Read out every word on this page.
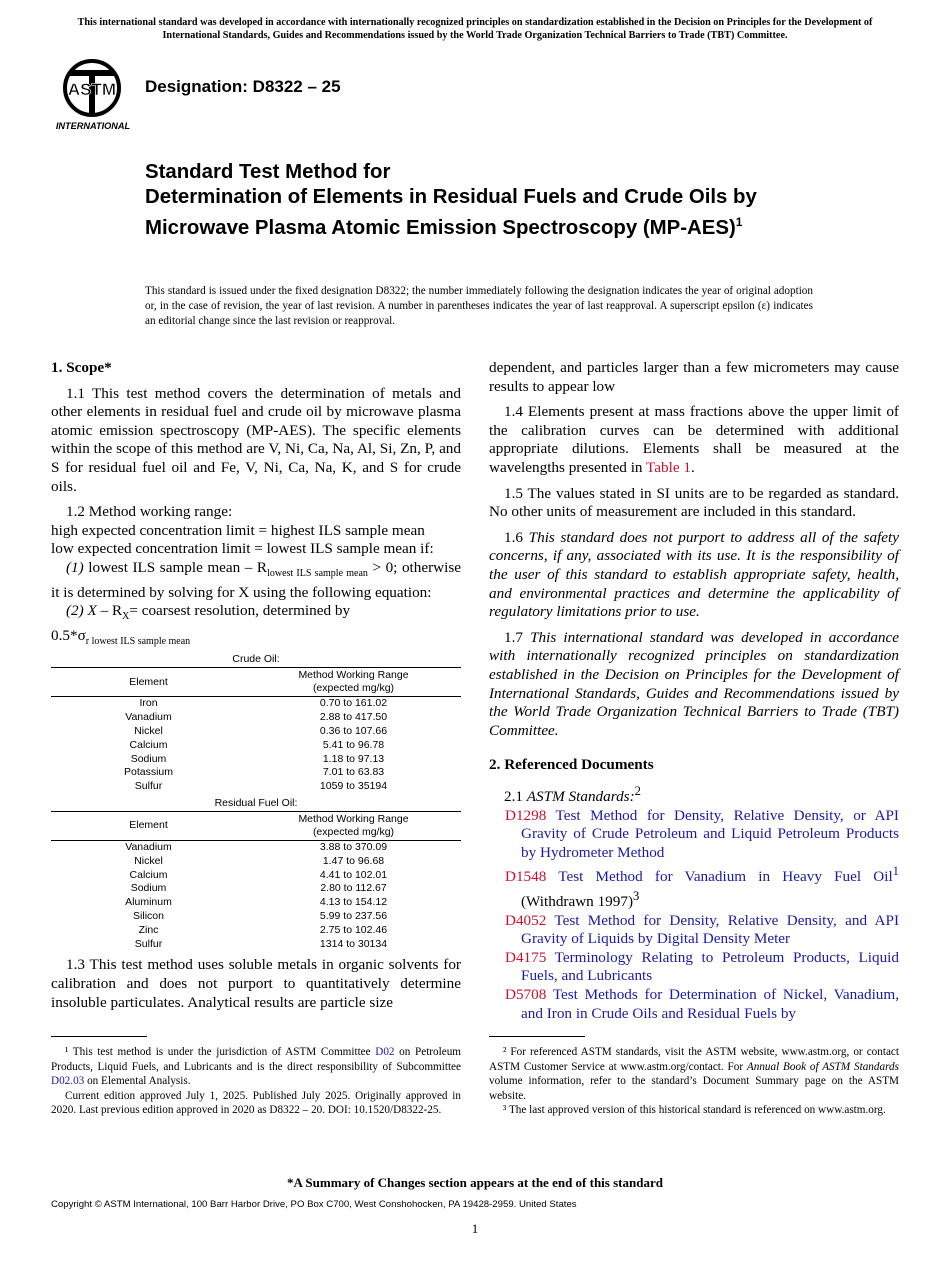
This international standard was developed in accordance with internationally recognized principles on standardization established in the Decision on Principles for the Development of International Standards, Guides and Recommendations issued by the World Trade Organization Technical Barriers to Trade (TBT) Committee.
ASTM
INTERNATIONAL
Designation: D8322 – 25
Standard Test Method for
Determination of Elements in Residual Fuels and Crude Oils by Microwave Plasma Atomic Emission Spectroscopy $(MP-AES)^1$
This standard is issued under the fixed designation D8322; the number immediately following the designation indicates the year of original adoption or, in the case of revision, the year of last revision. A number in parentheses indicates the year of last reapproval. A superscript epsilon (ε) indicates an editorial change since the last revision or reapproval.

1. Scope*

1.1 This test method covers the determination of metals and other elements in residual fuel and crude oil by microwave plasma atomic emission spectroscopy (MP-AES). The specific elements within the scope of this method are V, Ni, Ca, Na, Al, Si, Zn, P, and S for residual fuel oil and Fe, V, Ni, Ca, Na, K, and S for crude oils.

1.2 Method working range:

high expected concentration limit = highest ILS sample mean

low expected concentration limit = lowest ILS sample mean if:

(1) lowest ILS sample mean – $R_{lowest ILS sample mean} > 0$; otherwise it is determined by solving for X using the following equation:

(2) $X - R_X=$ coarsest resolution, determined by

$0.5*\sigma_{r lowest ILS sample mean}$

Crude Oil:
Element	Method Working Range
(expected mg/kg)
Iron	0.70 to 161.02
Vanadium	2.88 to 417.50
Nickel	0.36 to 107.66
Calcium	5.41 to 96.78
Sodium	1.18 to 97.13
Potassium	7.01 to 63.83
Sulfur	1059 to 35194
Residual Fuel Oil:
Element	Method Working Range
(expected mg/kg)
Vanadium	3.88 to 370.09
Nickel	1.47 to 96.68
Calcium	4.41 to 102.01
Sodium	2.80 to 112.67
Aluminum	4.13 to 154.12
Silicon	5.99 to 237.56
Zinc	2.75 to 102.46
Sulfur	1314 to 30134

1.3 This test method uses soluble metals in organic solvents for calibration and does not purport to quantitatively determine insoluble particulates. Analytical results are particle size

dependent, and particles larger than a few micrometers may cause results to appear low

1.4 Elements present at mass fractions above the upper limit of the calibration curves can be determined with additional appropriate dilutions. Elements shall be measured at the wavelengths presented in Table 1.

1.5 The values stated in SI units are to be regarded as standard. No other units of measurement are included in this standard.

1.6 This standard does not purport to address all of the safety concerns, if any, associated with its use. It is the responsibility of the user of this standard to establish appropriate safety, health, and environmental practices and determine the applicability of regulatory limitations prior to use.

1.7 This international standard was developed in accordance with internationally recognized principles on standardization established in the Decision on Principles for the Development of International Standards, Guides and Recommendations issued by the World Trade Organization Technical Barriers to Trade (TBT) Committee.

2. Referenced Documents

2.1 ASTM Standards:$^2$

D1298 Test Method for Density, Relative Density, or API Gravity of Crude Petroleum and Liquid Petroleum Products by Hydrometer Method

D1548 Test Method for Vanadium in Heavy Fuel Oil$^1$ (Withdrawn 1997)$^3$

D4052 Test Method for Density, Relative Density, and API Gravity of Liquids by Digital Density Meter

D4175 Terminology Relating to Petroleum Products, Liquid Fuels, and Lubricants

D5708 Test Methods for Determination of Nickel, Vanadium, and Iron in Crude Oils and Residual Fuels by

¹ This test method is under the jurisdiction of ASTM Committee D02 on Petroleum Products, Liquid Fuels, and Lubricants and is the direct responsibility of Subcommittee D02.03 on Elemental Analysis.

Current edition approved July 1, 2025. Published July 2025. Originally approved in 2020. Last previous edition approved in 2020 as D8322 – 20. DOI: 10.1520/D8322-25.

² For referenced ASTM standards, visit the ASTM website, www.astm.org, or contact ASTM Customer Service at www.astm.org/contact. For Annual Book of ASTM Standards volume information, refer to the standard’s Document Summary page on the ASTM website.

³ The last approved version of this historical standard is referenced on www.astm.org.

*A Summary of Changes section appears at the end of this standard
Copyright © ASTM International, 100 Barr Harbor Drive, PO Box C700, West Conshohocken, PA 19428-2959. United States
1
